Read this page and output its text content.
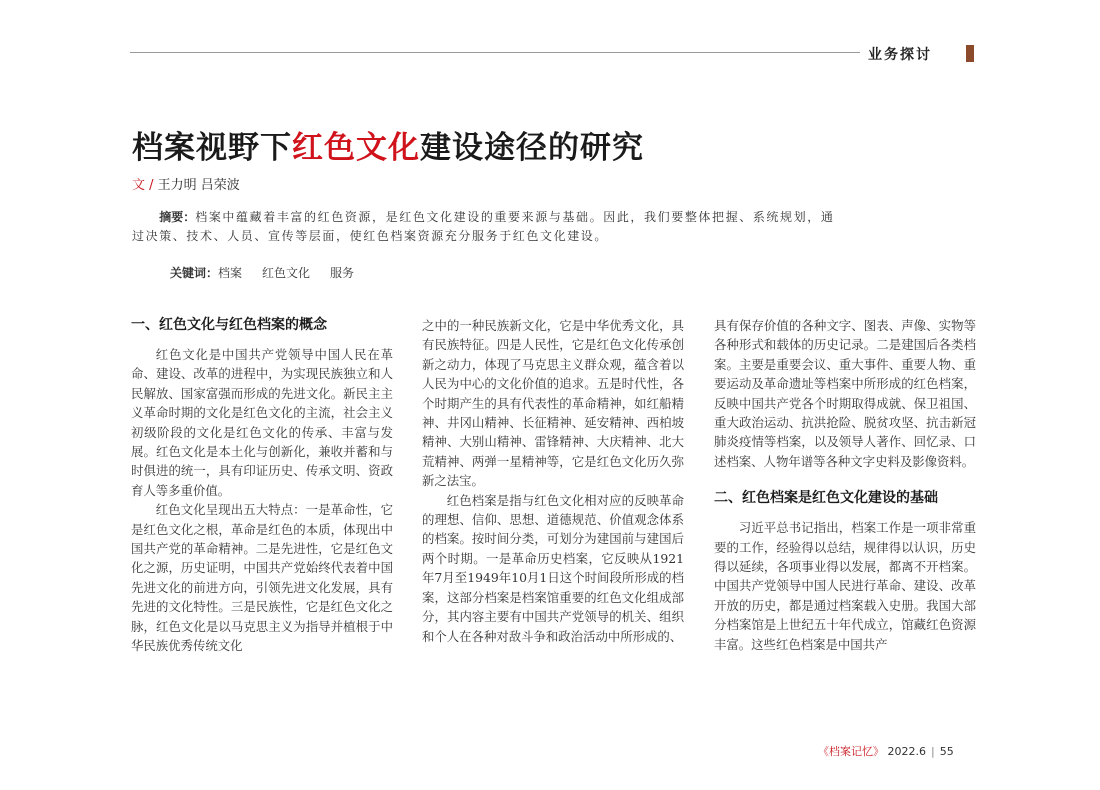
业务探讨
档案视野下红色文化建设途径的研究
文 / 王力明 吕荣波
  摘要：档案中蕴藏着丰富的红色资源，是红色文化建设的重要来源与基础。因此，我们要整体把握、系统规划，通过决策、技术、人员、宣传等层面，使红色档案资源充分服务于红色文化建设。
关键词：档案 红色文化 服务
一、红色文化与红色档案的概念

红色文化是中国共产党领导中国人民在革命、建设、改革的进程中，为实现民族独立和人民解放、国家富强而形成的先进文化。新民主主义革命时期的文化是红色文化的主流，社会主义初级阶段的文化是红色文化的传承、丰富与发展。红色文化是本土化与创新化，兼收并蓄和与时俱进的统一，具有印证历史、传承文明、资政育人等多重价值。

红色文化呈现出五大特点：一是革命性，它是红色文化之根，革命是红色的本质，体现出中国共产党的革命精神。二是先进性，它是红色文化之源，历史证明，中国共产党始终代表着中国先进文化的前进方向，引领先进文化发展，具有先进的文化特性。三是民族性，它是红色文化之脉，红色文化是以马克思主义为指导并植根于中华民族优秀传统文化

之中的一种民族新文化，它是中华优秀文化，具有民族特征。四是人民性，它是红色文化传承创新之动力，体现了马克思主义群众观，蕴含着以人民为中心的文化价值的追求。五是时代性，各个时期产生的具有代表性的革命精神，如红船精神、井冈山精神、长征精神、延安精神、西柏坡精神、大别山精神、雷锋精神、大庆精神、北大荒精神、两弹一星精神等，它是红色文化历久弥新之法宝。

红色档案是指与红色文化相对应的反映革命的理想、信仰、思想、道德规范、价值观念体系的档案。按时间分类，可划分为建国前与建国后两个时期。一是革命历史档案，它反映从1921年7月至1949年10月1日这个时间段所形成的档案，这部分档案是档案馆重要的红色文化组成部分，其内容主要有中国共产党领导的机关、组织和个人在各种对敌斗争和政治活动中所形成的、

具有保存价值的各种文字、图表、声像、实物等各种形式和载体的历史记录。二是建国后各类档案。主要是重要会议、重大事件、重要人物、重要运动及革命遗址等档案中所形成的红色档案，反映中国共产党各个时期取得成就、保卫祖国、重大政治运动、抗洪抢险、脱贫攻坚、抗击新冠肺炎疫情等档案，以及领导人著作、回忆录、口述档案、人物年谱等各种文字史料及影像资料。

二、红色档案是红色文化建设的基础

习近平总书记指出，档案工作是一项非常重要的工作，经验得以总结，规律得以认识，历史得以延续，各项事业得以发展，都离不开档案。中国共产党领导中国人民进行革命、建设、改革开放的历史，都是通过档案载入史册。我国大部分档案馆是上世纪五十年代成立，馆藏红色资源丰富。这些红色档案是中国共产

《档案记忆》 2022.6 | 55
